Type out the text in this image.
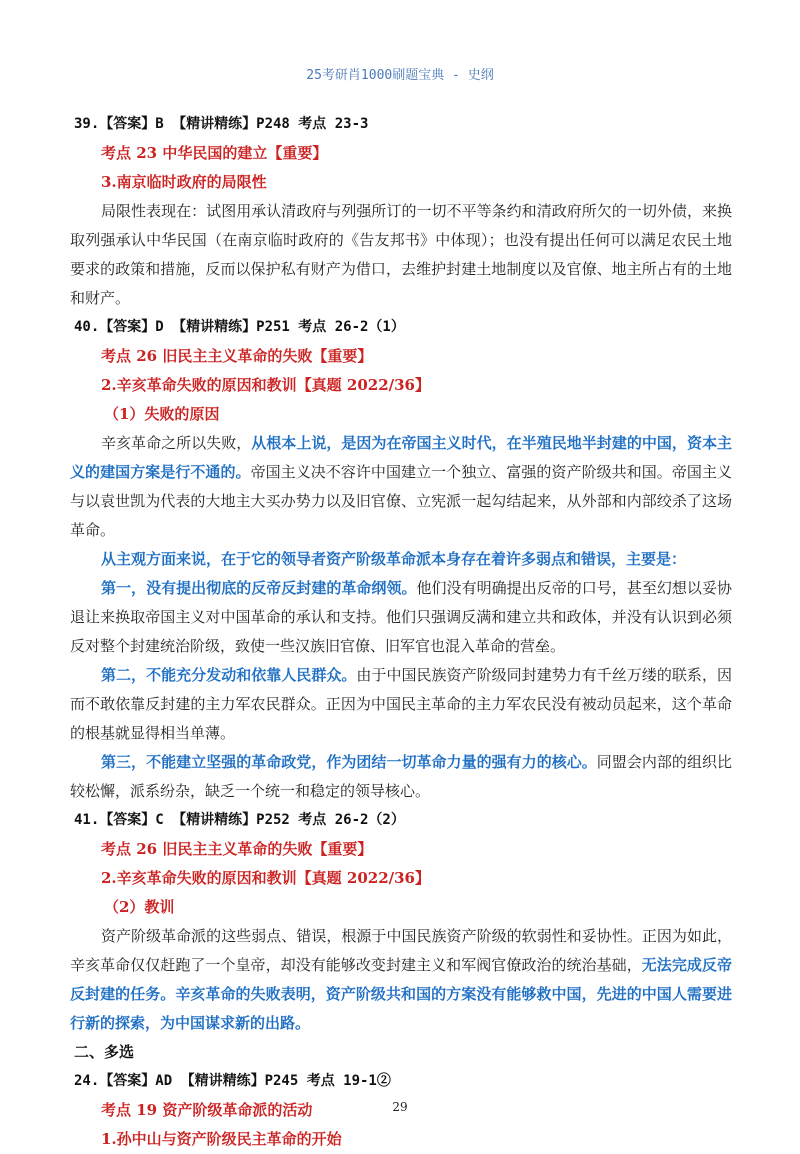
25考研肖1000刷题宝典 - 史纲
39.【答案】B 【精讲精练】P248 考点 23-3
考点 23 中华民国的建立【重要】
3.南京临时政府的局限性
局限性表现在：试图用承认清政府与列强所订的一切不平等条约和清政府所欠的一切外债，来换取列强承认中华民国（在南京临时政府的《告友邦书》中体现）；也没有提出任何可以满足农民土地要求的政策和措施，反而以保护私有财产为借口，去维护封建土地制度以及官僚、地主所占有的土地和财产。
40.【答案】D 【精讲精练】P251 考点 26-2（1）
考点 26 旧民主主义革命的失败【重要】
2.辛亥革命失败的原因和教训【真题 2022/36】
（1）失败的原因
辛亥革命之所以失败，从根本上说，是因为在帝国主义时代，在半殖民地半封建的中国，资本主义的建国方案是行不通的。帝国主义决不容许中国建立一个独立、富强的资产阶级共和国。帝国主义与以袁世凯为代表的大地主大买办势力以及旧官僚、立宪派一起勾结起来，从外部和内部绞杀了这场革命。
从主观方面来说，在于它的领导者资产阶级革命派本身存在着许多弱点和错误，主要是：
第一，没有提出彻底的反帝反封建的革命纲领。他们没有明确提出反帝的口号，甚至幻想以妥协退让来换取帝国主义对中国革命的承认和支持。他们只强调反满和建立共和政体，并没有认识到必须反对整个封建统治阶级，致使一些汉族旧官僚、旧军官也混入革命的营垒。
第二，不能充分发动和依靠人民群众。由于中国民族资产阶级同封建势力有千丝万缕的联系，因而不敢依靠反封建的主力军农民群众。正因为中国民主革命的主力军农民没有被动员起来，这个革命的根基就显得相当单薄。
第三，不能建立坚强的革命政党，作为团结一切革命力量的强有力的核心。同盟会内部的组织比较松懈，派系纷杂，缺乏一个统一和稳定的领导核心。
41.【答案】C 【精讲精练】P252 考点 26-2（2）
考点 26 旧民主主义革命的失败【重要】
2.辛亥革命失败的原因和教训【真题 2022/36】
（2）教训
资产阶级革命派的这些弱点、错误，根源于中国民族资产阶级的软弱性和妥协性。正因为如此，辛亥革命仅仅赶跑了一个皇帝，却没有能够改变封建主义和军阀官僚政治的统治基础，无法完成反帝反封建的任务。辛亥革命的失败表明，资产阶级共和国的方案没有能够救中国，先进的中国人需要进行新的探索，为中国谋求新的出路。
二、多选
24.【答案】AD 【精讲精练】P245 考点 19-1②
考点 19 资产阶级革命派的活动
1.孙中山与资产阶级民主革命的开始
29
